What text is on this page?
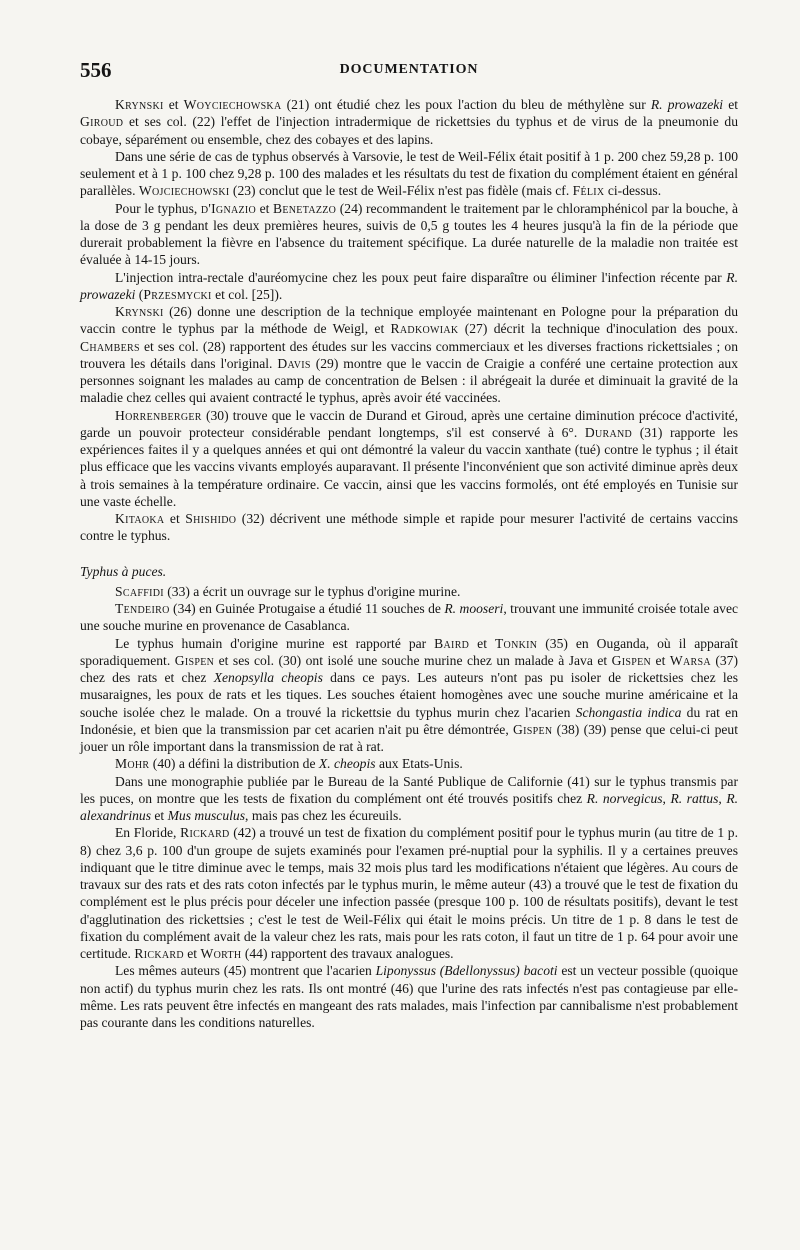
556	DOCUMENTATION

Krynski et Woyciechowska (21) ont étudié chez les poux l'action du bleu de méthylène sur R. prowazeki et Giroud et ses col. (22) l'effet de l'injection intradermique de rickettsies du typhus et de virus de la pneumonie du cobaye, séparément ou ensemble, chez des cobayes et des lapins.

Dans une série de cas de typhus observés à Varsovie, le test de Weil-Félix était positif à 1 p. 200 chez 59,28 p. 100 seulement et à 1 p. 100 chez 9,28 p. 100 des malades et les résultats du test de fixation du complément étaient en général parallèles. Wojciechowski (23) conclut que le test de Weil-Félix n'est pas fidèle (mais cf. Félix ci-dessus.

Pour le typhus, d'Ignazio et Benetazzo (24) recommandent le traitement par le chloramphénicol par la bouche, à la dose de 3 g pendant les deux premières heures, suivis de 0,5 g toutes les 4 heures jusqu'à la fin de la période que durerait probablement la fièvre en l'absence du traitement spécifique. La durée naturelle de la maladie non traitée est évaluée à 14-15 jours.

L'injection intra-rectale d'auréomycine chez les poux peut faire disparaître ou éliminer l'infection récente par R. prowazeki (Przesmycki et col. [25]).

Krynski (26) donne une description de la technique employée maintenant en Pologne pour la préparation du vaccin contre le typhus par la méthode de Weigl, et Radkowiak (27) décrit la technique d'inoculation des poux. Chambers et ses col. (28) rapportent des études sur les vaccins commerciaux et les diverses fractions rickettsiales ; on trouvera les détails dans l'original. Davis (29) montre que le vaccin de Craigie a conféré une certaine protection aux personnes soignant les malades au camp de concentration de Belsen : il abrégeait la durée et diminuait la gravité de la maladie chez celles qui avaient contracté le typhus, après avoir été vaccinées.

Horrenberger (30) trouve que le vaccin de Durand et Giroud, après une certaine diminution précoce d'activité, garde un pouvoir protecteur considérable pendant longtemps, s'il est conservé à 6°. Durand (31) rapporte les expériences faites il y a quelques années et qui ont démontré la valeur du vaccin xanthate (tué) contre le typhus ; il était plus efficace que les vaccins vivants employés auparavant. Il présente l'inconvénient que son activité diminue après deux à trois semaines à la température ordinaire. Ce vaccin, ainsi que les vaccins formolés, ont été employés en Tunisie sur une vaste échelle.

Kitaoka et Shishido (32) décrivent une méthode simple et rapide pour mesurer l'activité de certains vaccins contre le typhus.

Typhus à puces.

Scaffidi (33) a écrit un ouvrage sur le typhus d'origine murine.

Tendeiro (34) en Guinée Protugaise a étudié 11 souches de R. mooseri, trouvant une immunité croisée totale avec une souche murine en provenance de Casablanca.

Le typhus humain d'origine murine est rapporté par Baird et Tonkin (35) en Ouganda, où il apparaît sporadiquement. Gispen et ses col. (30) ont isolé une souche murine chez un malade à Java et Gispen et Warsa (37) chez des rats et chez Xenopsylla cheopis dans ce pays. Les auteurs n'ont pas pu isoler de rickettsies chez les musaraignes, les poux de rats et les tiques. Les souches étaient homogènes avec une souche murine américaine et la souche isolée chez le malade. On a trouvé la rickettsie du typhus murin chez l'acarien Schongastia indica du rat en Indonésie, et bien que la transmission par cet acarien n'ait pu être démontrée, Gispen (38) (39) pense que celui-ci peut jouer un rôle important dans la transmission de rat à rat.

Mohr (40) a défini la distribution de X. cheopis aux Etats-Unis.

Dans une monographie publiée par le Bureau de la Santé Publique de Californie (41) sur le typhus transmis par les puces, on montre que les tests de fixation du complément ont été trouvés positifs chez R. norvegicus, R. rattus, R. alexandrinus et Mus musculus, mais pas chez les écureuils.

En Floride, Rickard (42) a trouvé un test de fixation du complément positif pour le typhus murin (au titre de 1 p. 8) chez 3,6 p. 100 d'un groupe de sujets examinés pour l'examen pré-nuptial pour la syphilis. Il y a certaines preuves indiquant que le titre diminue avec le temps, mais 32 mois plus tard les modifications n'étaient que légères. Au cours de travaux sur des rats et des rats coton infectés par le typhus murin, le même auteur (43) a trouvé que le test de fixation du complément est le plus précis pour déceler une infection passée (presque 100 p. 100 de résultats positifs), devant le test d'agglutination des rickettsies ; c'est le test de Weil-Félix qui était le moins précis. Un titre de 1 p. 8 dans le test de fixation du complément avait de la valeur chez les rats, mais pour les rats coton, il faut un titre de 1 p. 64 pour avoir une certitude. Rickard et Worth (44) rapportent des travaux analogues.

Les mêmes auteurs (45) montrent que l'acarien Liponyssus (Bdellonyssus) bacoti est un vecteur possible (quoique non actif) du typhus murin chez les rats. Ils ont montré (46) que l'urine des rats infectés n'est pas contagieuse par elle-même. Les rats peuvent être infectés en mangeant des rats malades, mais l'infection par cannibalisme n'est probablement pas courante dans les conditions naturelles.
